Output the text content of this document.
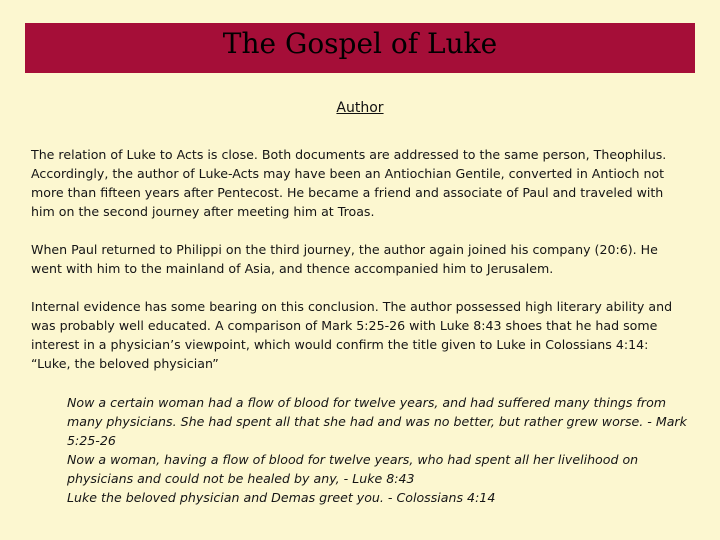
The Gospel of Luke
Author

The relation of Luke to Acts is close. Both documents are addressed to the same person, Theophilus. Accordingly, the author of Luke-Acts may have been an Antiochian Gentile, converted in Antioch not more than fifteen years after Pentecost. He became a friend and associate of Paul and traveled with him on the second journey after meeting him at Troas.

When Paul returned to Philippi on the third journey, the author again joined his company (20:6). He went with him to the mainland of Asia, and thence accompanied him to Jerusalem.

Internal evidence has some bearing on this conclusion. The author possessed high literary ability and was probably well educated. A comparison of Mark 5:25-26 with Luke 8:43 shoes that he had some interest in a physician’s viewpoint, which would confirm the title given to Luke in Colossians 4:14: “Luke, the beloved physician”

Now a certain woman had a flow of blood for twelve years, and had suffered many things from many physicians. She had spent all that she had and was no better, but rather grew worse. - Mark 5:25-26
Now a woman, having a flow of blood for twelve years, who had spent all her livelihood on physicians and could not be healed by any, - Luke 8:43
Luke the beloved physician and Demas greet you. - Colossians 4:14
